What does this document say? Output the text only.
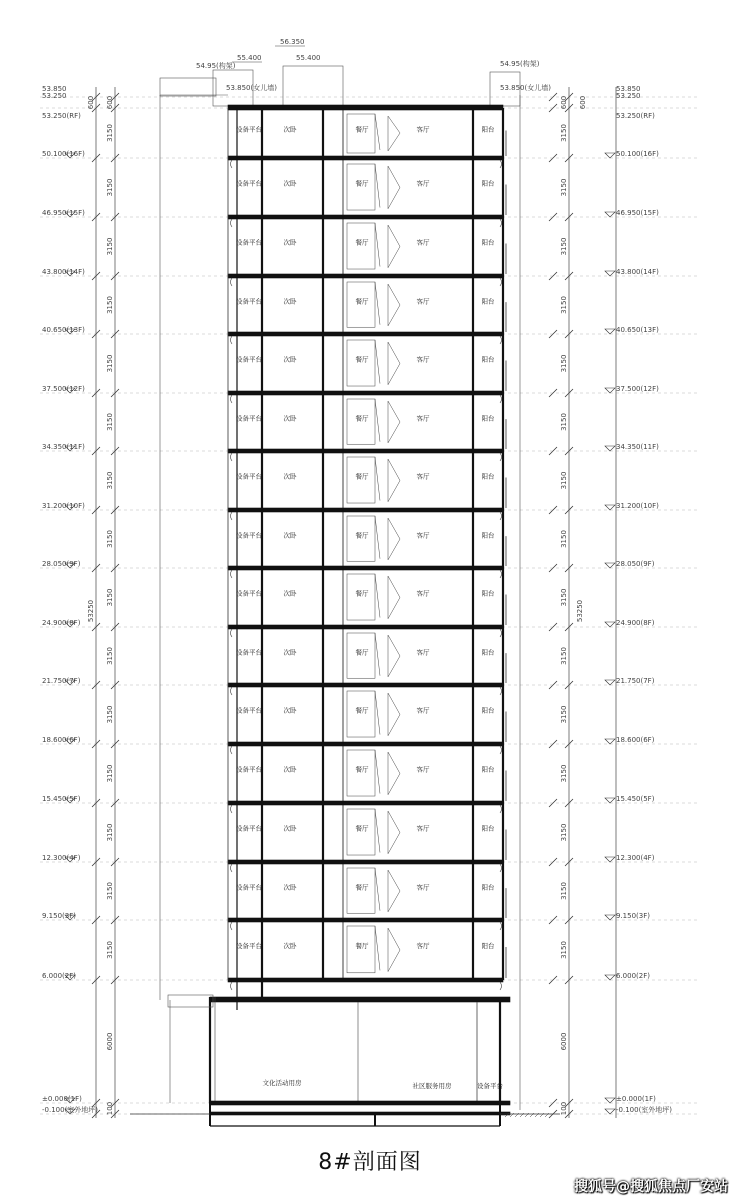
设备平台	次卧	餐厅	客厅	阳台
设备平台	次卧	餐厅	客厅	阳台
设备平台	次卧	餐厅	客厅	阳台
设备平台	次卧	餐厅	客厅	阳台
设备平台	次卧	餐厅	客厅	阳台
设备平台	次卧	餐厅	客厅	阳台
设备平台	次卧	餐厅	客厅	阳台
设备平台	次卧	餐厅	客厅	阳台
设备平台	次卧	餐厅	客厅	阳台
设备平台	次卧	餐厅	客厅	阳台
设备平台	次卧	餐厅	客厅	阳台
设备平台	次卧	餐厅	客厅	阳台
设备平台	次卧	餐厅	客厅	阳台
设备平台	次卧	餐厅	客厅	阳台
设备平台	次卧	餐厅	客厅	阳台
文化活动用房	社区服务用房	设备平台
53.850	53.850
53.250	53.250
53.250(RF)	53.250(RF)
50.100(16F)	50.100(16F)
46.950(15F)	46.950(15F)
43.800(14F)	43.800(14F)
40.650(13F)	40.650(13F)
37.500(12F)	37.500(12F)
34.350(11F)	34.350(11F)
31.200(10F)	31.200(10F)
28.050(9F)	28.050(9F)
24.900(8F)	24.900(8F)
21.750(7F)	21.750(7F)
18.600(6F)	18.600(6F)
15.450(5F)	15.450(5F)
12.300(4F)	12.300(4F)
9.150(3F)	9.150(3F)
6.000(2F)	6.000(2F)
±0.000(1F)	±0.000(1F)
-0.100(室外地坪)	-0.100(室外地坪)
600 600	600 600
3150	3150
3150	3150
3150	3150
3150	3150
3150	3150
3150	3150
3150	3150
3150	3150
3150	3150
3150	3150
3150	3150
3150	3150
3150	3150
3150	3150
3150	3150
6000	6000
100	100
53250	53250
56.350
55.400	55.400
54.95(构架)	54.95(构架)
53.850(女儿墙)	53.850(女儿墙)
8#剖面图
搜狐号@搜狐焦点厂安站
